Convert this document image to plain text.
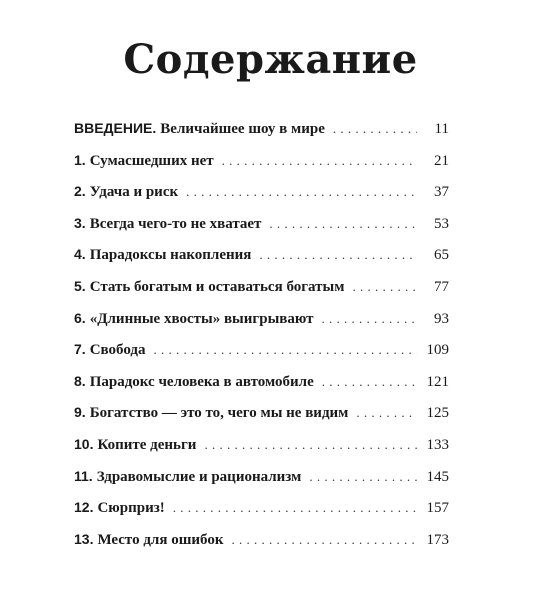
Содержание
ВВЕДЕНИЕ. Величайшее шоу в мире . . .	11
1. Сумасшедших нет . . .	21
2. Удача и риск . . .	37
3. Всегда чего-то не хватает . . .	53
4. Парадоксы накопления . . .	65
5. Стать богатым и оставаться богатым . . .	77
6. «Длинные хвосты» выигрывают . . .	93
7. Свобода . . .	109
8. Парадокс человека в автомобиле . . .	121
9. Богатство — это то, чего мы не видим . . .	125
10. Копите деньги . . .	133
11. Здравомыслие и рационализм . . .	145
12. Сюрприз! . . .	157
13. Место для ошибок . . .	173
